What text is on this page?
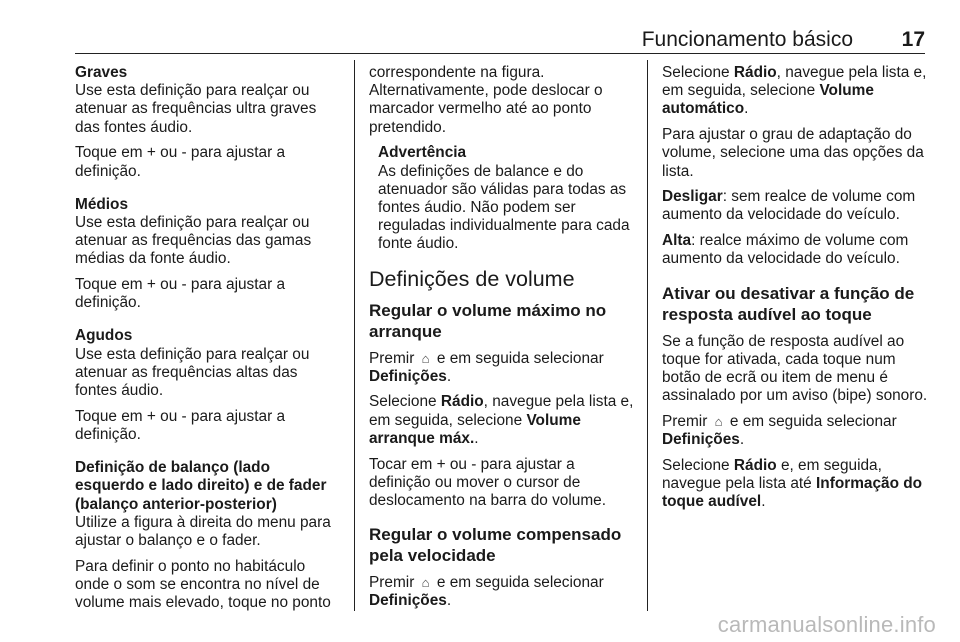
Funcionamento básico 17

Graves
Use esta definição para realçar ou atenuar as frequências ultra graves das fontes áudio.

Toque em + ou - para ajustar a definição.

Médios
Use esta definição para realçar ou atenuar as frequências das gamas médias da fonte áudio.

Toque em + ou - para ajustar a definição.

Agudos
Use esta definição para realçar ou atenuar as frequências altas das fontes áudio.

Toque em + ou - para ajustar a definição.

Definição de balanço (lado esquerdo e lado direito) e de fader (balanço anterior-posterior)
Utilize a figura à direita do menu para ajustar o balanço e o fader.

Para definir o ponto no habitáculo onde o som se encontra no nível de volume mais elevado, toque no ponto

correspondente na figura. Alternativamente, pode deslocar o marcador vermelho até ao ponto pretendido.

Advertência
As definições de balance e do atenuador são válidas para todas as fontes áudio. Não podem ser reguladas individualmente para cada fonte áudio.

Definições de volume

Regular o volume máximo no arranque

Premir ⌂ e em seguida selecionar Definições.

Selecione Rádio, navegue pela lista e, em seguida, selecione Volume arranque máx..

Tocar em + ou - para ajustar a definição ou mover o cursor de deslocamento na barra do volume.

Regular o volume compensado pela velocidade

Premir ⌂ e em seguida selecionar Definições.

Selecione Rádio, navegue pela lista e, em seguida, selecione Volume automático.

Para ajustar o grau de adaptação do volume, selecione uma das opções da lista.

Desligar: sem realce de volume com aumento da velocidade do veículo.

Alta: realce máximo de volume com aumento da velocidade do veículo.

Ativar ou desativar a função de resposta audível ao toque

Se a função de resposta audível ao toque for ativada, cada toque num botão de ecrã ou item de menu é assinalado por um aviso (bipe) sonoro.

Premir ⌂ e em seguida selecionar Definições.

Selecione Rádio e, em seguida, navegue pela lista até Informação do toque audível.

carmanualsonline.info
